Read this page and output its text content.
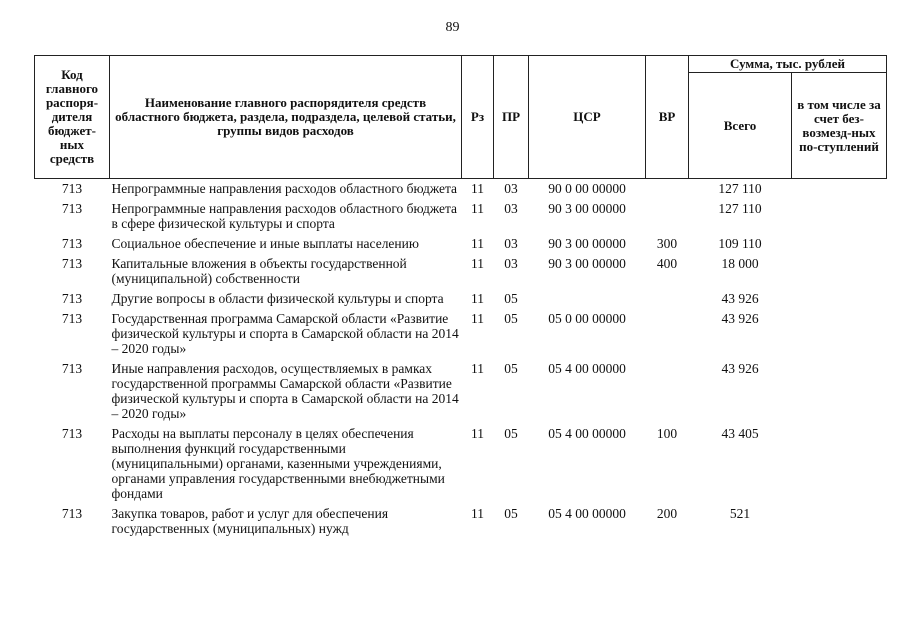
89
Код главного распоря-дителя бюджет-ных средств	Наименование главного распорядителя средств областного бюджета, раздела, подраздела, целевой статьи, группы видов расходов	Рз	ПР	ЦСР	ВР	Сумма, тыс. рублей	
						Всего	в том числе за счет без-возмезд-ных по-ступлений
713	Непрограммные направления расходов областного бюджета	11	03	90 0 00 00000		127 110	
713	Непрограммные направления расходов областного бюджета в сфере физической культуры и спорта	11	03	90 3 00 00000		127 110	
713	Социальное обеспечение и иные выплаты населению	11	03	90 3 00 00000	300	109 110	
713	Капитальные вложения в объекты государственной (муниципальной) собственности	11	03	90 3 00 00000	400	18 000	
713	Другие вопросы в области физической культуры и спорта	11	05			43 926	
713	Государственная программа Самарской области «Развитие физической культуры и спорта в Самарской области на 2014 – 2020 годы»	11	05	05 0 00 00000		43 926	
713	Иные направления расходов, осуществляемых в рамках государственной программы Самарской области «Развитие физической культуры и спорта в Самарской области на 2014 – 2020 годы»	11	05	05 4 00 00000		43 926	
713	Расходы на выплаты персоналу в целях обеспечения выполнения функций государственными (муниципальными) органами, казенными учреждениями, органами управления государственными внебюджетными фондами	11	05	05 4 00 00000	100	43 405	
713	Закупка товаров, работ и услуг для обеспечения государственных (муниципальных) нужд	11	05	05 4 00 00000	200	521	
